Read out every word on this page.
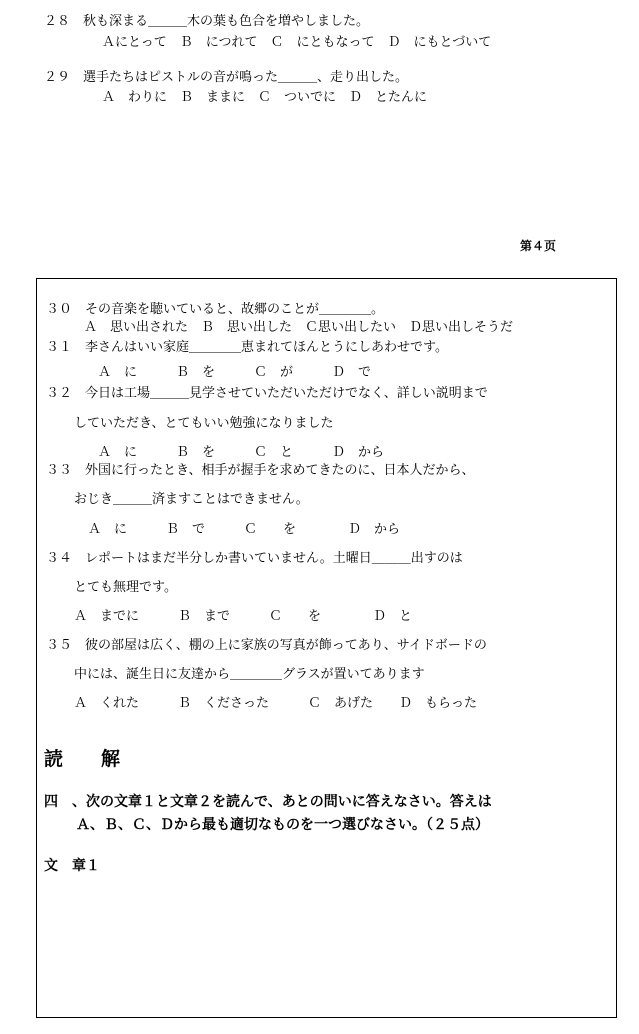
２８　秋も深まる＿＿＿木の葉も色合を増やしました。
Ａにとって　Ｂ　につれて　Ｃ　にともなって　Ｄ　にもとづいて
２９　選手たちはピストルの音が鳴った＿＿＿、走り出した。
Ａ　わりに　Ｂ　ままに　Ｃ　ついでに　Ｄ　とたんに
第４页
３０　その音楽を聴いていると、故郷のことが＿＿＿＿。
Ａ　思い出された　Ｂ　思い出した　Ｃ思い出したい　Ｄ思い出しそうだ
３１　李さんはいい家庭＿＿＿＿恵まれてほんとうにしあわせです。
Ａ　に　　　Ｂ　を　　　Ｃ　が　　　Ｄ　で
３２　今日は工場＿＿＿見学させていただいただけでなく、詳しい説明まで
していただき、とてもいい勉強になりました
Ａ　に　　　Ｂ　を　　　Ｃ　と　　　Ｄ　から
３３　外国に行ったとき、相手が握手を求めてきたのに、日本人だから、
おじき＿＿＿済ますことはできません。
Ａ　に　　　Ｂ　で　　　Ｃ　　を　　　　Ｄ　から
３４　レポートはまだ半分しか書いていません。土曜日＿＿＿出すのは
とても無理です。
Ａ　までに　　　Ｂ　まで　　　Ｃ　　を　　　　Ｄ　と
３５　彼の部屋は広く、棚の上に家族の写真が飾ってあり、サイドボードの
中には、誕生日に友達から＿＿＿＿グラスが置いてあります
Ａ　くれた　　　Ｂ　くださった　　　Ｃ　あげた　　Ｄ　もらった
読　　解
四　、次の文章１と文章２を読んで、あとの問いに答えなさい。答えは
Ａ、Ｂ、Ｃ、Ｄから最も適切なものを一つ選びなさい。（２５点）
文　章１
